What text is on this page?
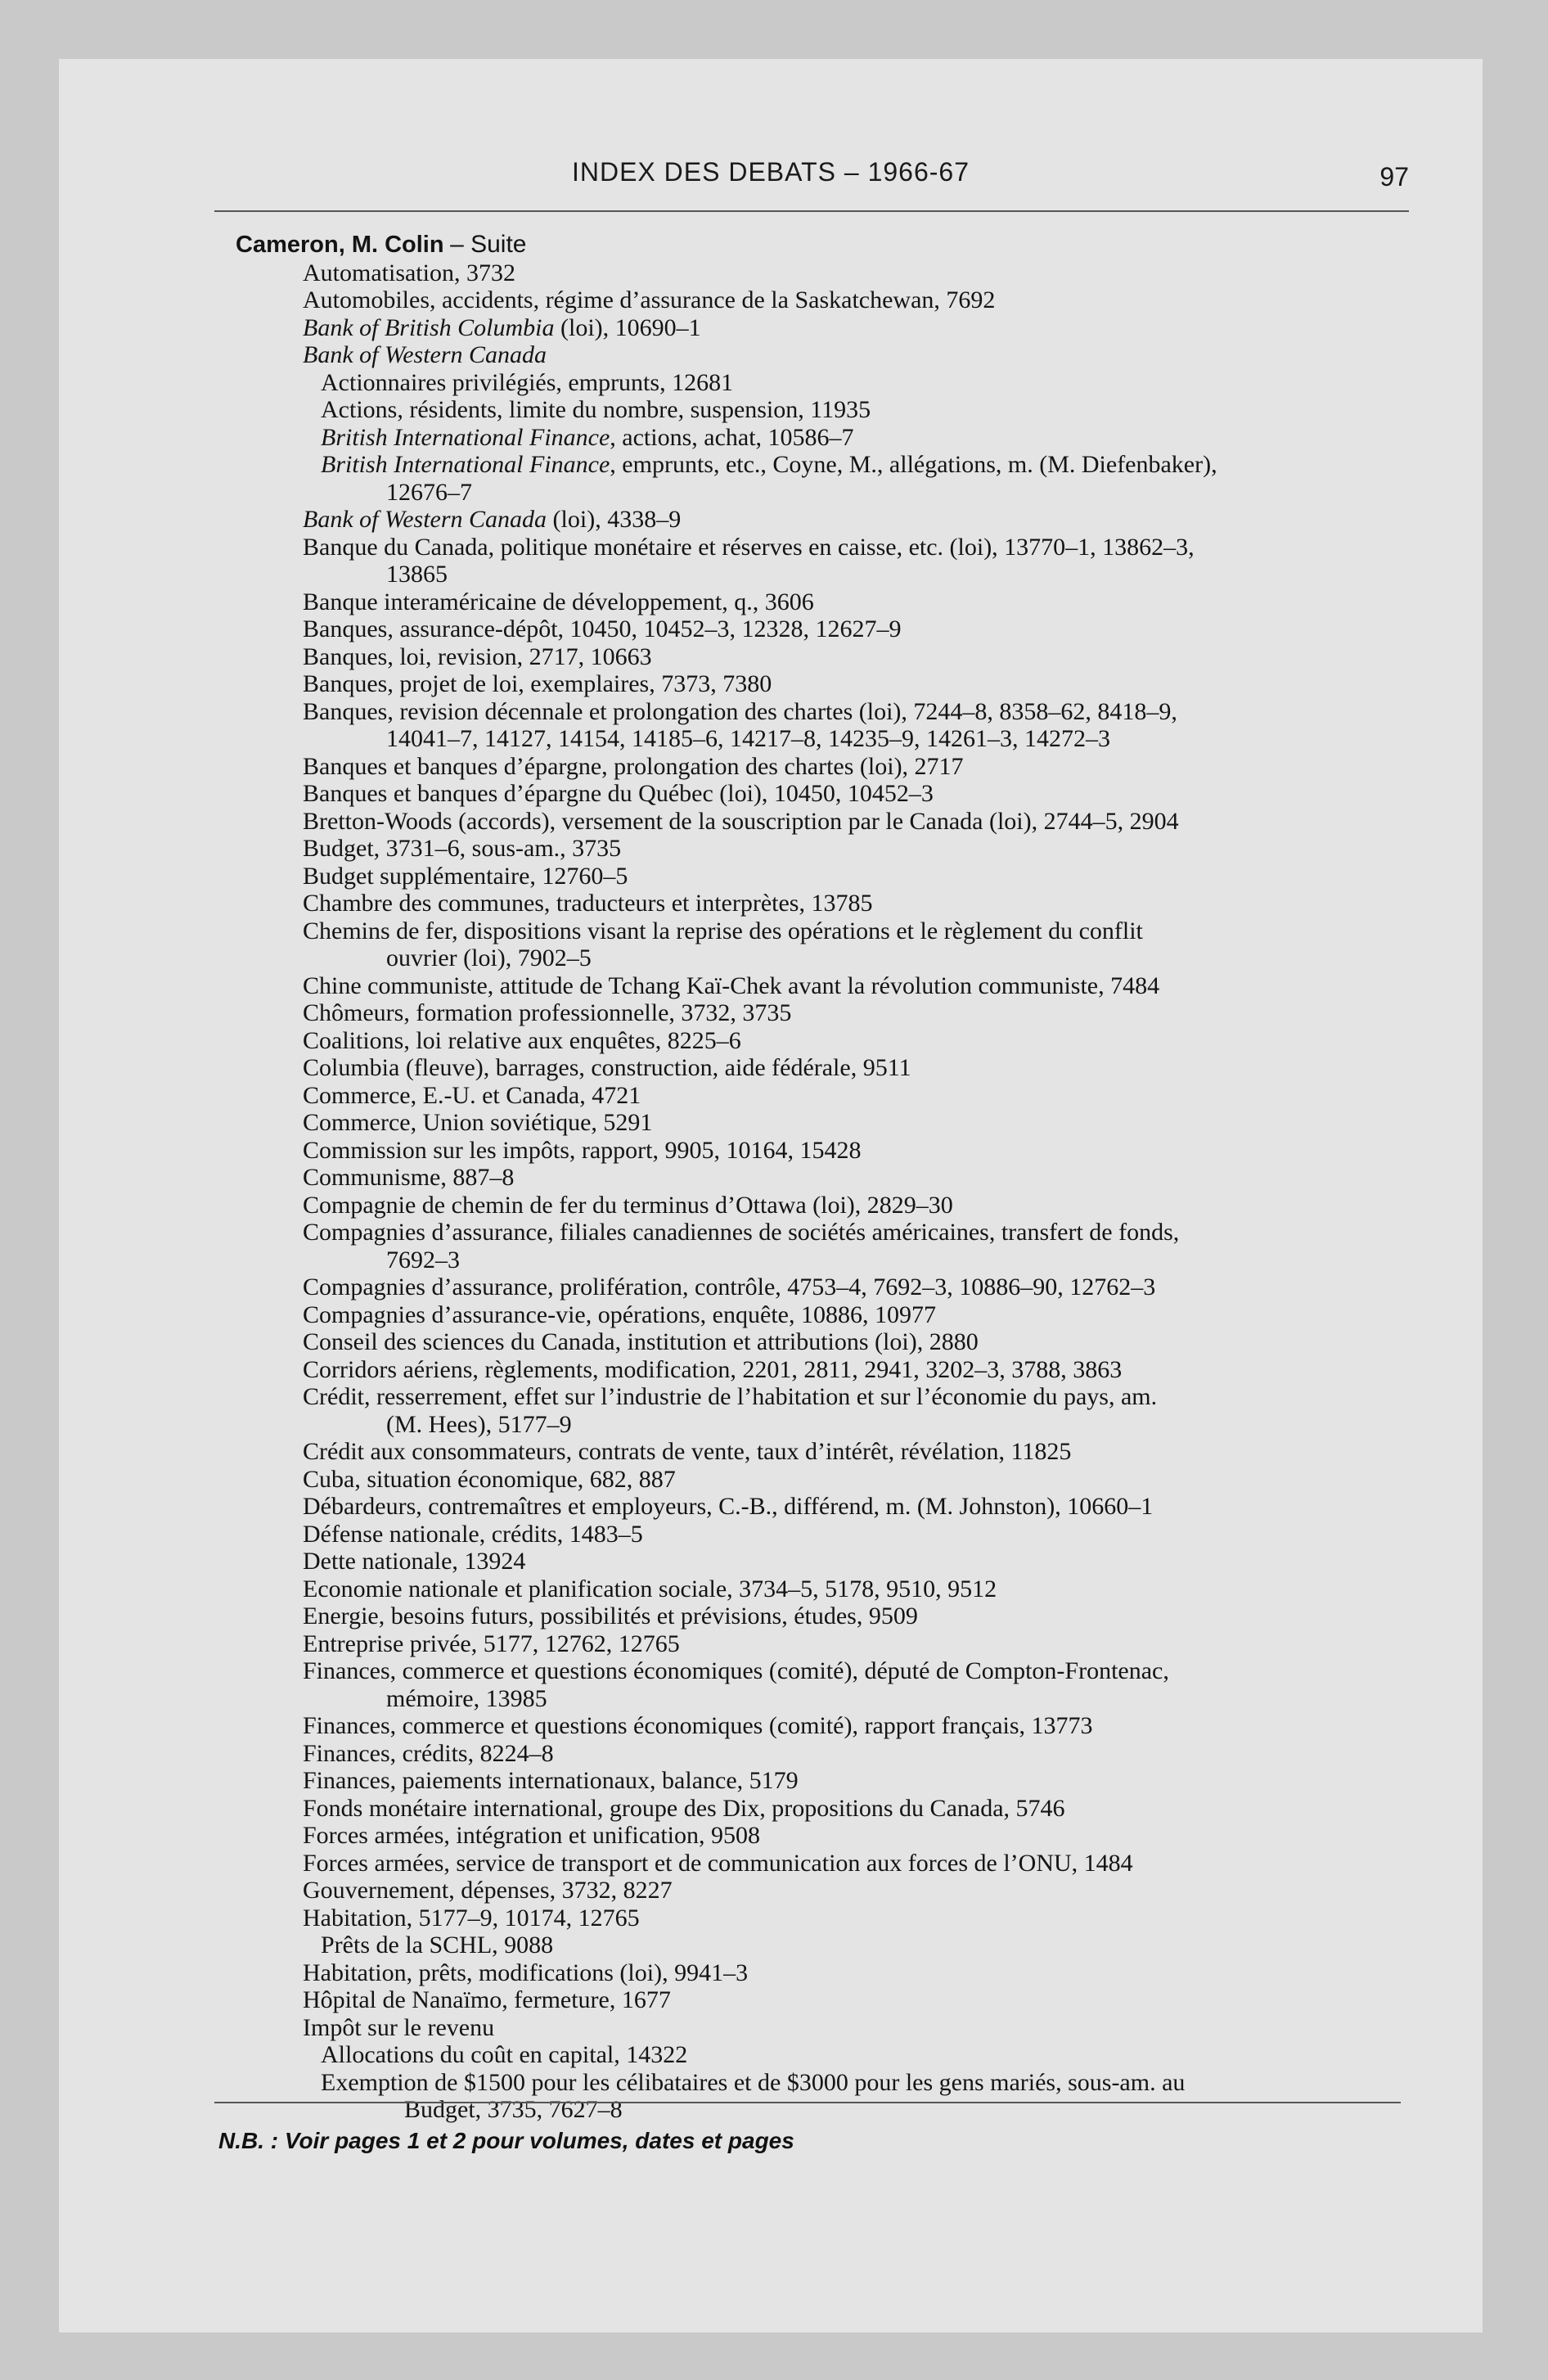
INDEX DES DEBATS – 1966-67	97
Cameron, M. Colin – Suite
Automatisation, 3732
Automobiles, accidents, régime d’assurance de la Saskatchewan, 7692
Bank of British Columbia (loi), 10690–1
Bank of Western Canada
Actionnaires privilégiés, emprunts, 12681
Actions, résidents, limite du nombre, suspension, 11935
British International Finance, actions, achat, 10586–7
British International Finance, emprunts, etc., Coyne, M., allégations, m. (M. Diefenbaker),
12676–7
Bank of Western Canada (loi), 4338–9
Banque du Canada, politique monétaire et réserves en caisse, etc. (loi), 13770–1, 13862–3,
13865
Banque interaméricaine de développement, q., 3606
Banques, assurance-dépôt, 10450, 10452–3, 12328, 12627–9
Banques, loi, revision, 2717, 10663
Banques, projet de loi, exemplaires, 7373, 7380
Banques, revision décennale et prolongation des chartes (loi), 7244–8, 8358–62, 8418–9,
14041–7, 14127, 14154, 14185–6, 14217–8, 14235–9, 14261–3, 14272–3
Banques et banques d’épargne, prolongation des chartes (loi), 2717
Banques et banques d’épargne du Québec (loi), 10450, 10452–3
Bretton-Woods (accords), versement de la souscription par le Canada (loi), 2744–5, 2904
Budget, 3731–6, sous-am., 3735
Budget supplémentaire, 12760–5
Chambre des communes, traducteurs et interprètes, 13785
Chemins de fer, dispositions visant la reprise des opérations et le règlement du conflit
ouvrier (loi), 7902–5
Chine communiste, attitude de Tchang Kaï-Chek avant la révolution communiste, 7484
Chômeurs, formation professionnelle, 3732, 3735
Coalitions, loi relative aux enquêtes, 8225–6
Columbia (fleuve), barrages, construction, aide fédérale, 9511
Commerce, E.-U. et Canada, 4721
Commerce, Union soviétique, 5291
Commission sur les impôts, rapport, 9905, 10164, 15428
Communisme, 887–8
Compagnie de chemin de fer du terminus d’Ottawa (loi), 2829–30
Compagnies d’assurance, filiales canadiennes de sociétés américaines, transfert de fonds,
7692–3
Compagnies d’assurance, prolifération, contrôle, 4753–4, 7692–3, 10886–90, 12762–3
Compagnies d’assurance-vie, opérations, enquête, 10886, 10977
Conseil des sciences du Canada, institution et attributions (loi), 2880
Corridors aériens, règlements, modification, 2201, 2811, 2941, 3202–3, 3788, 3863
Crédit, resserrement, effet sur l’industrie de l’habitation et sur l’économie du pays, am.
(M. Hees), 5177–9
Crédit aux consommateurs, contrats de vente, taux d’intérêt, révélation, 11825
Cuba, situation économique, 682, 887
Débardeurs, contremaîtres et employeurs, C.-B., différend, m. (M. Johnston), 10660–1
Défense nationale, crédits, 1483–5
Dette nationale, 13924
Economie nationale et planification sociale, 3734–5, 5178, 9510, 9512
Energie, besoins futurs, possibilités et prévisions, études, 9509
Entreprise privée, 5177, 12762, 12765
Finances, commerce et questions économiques (comité), député de Compton-Frontenac,
mémoire, 13985
Finances, commerce et questions économiques (comité), rapport français, 13773
Finances, crédits, 8224–8
Finances, paiements internationaux, balance, 5179
Fonds monétaire international, groupe des Dix, propositions du Canada, 5746
Forces armées, intégration et unification, 9508
Forces armées, service de transport et de communication aux forces de l’ONU, 1484
Gouvernement, dépenses, 3732, 8227
Habitation, 5177–9, 10174, 12765
Prêts de la SCHL, 9088
Habitation, prêts, modifications (loi), 9941–3
Hôpital de Nanaïmo, fermeture, 1677
Impôt sur le revenu
Allocations du coût en capital, 14322
Exemption de $1500 pour les célibataires et de $3000 pour les gens mariés, sous-am. au
Budget, 3735, 7627–8
N.B. : Voir pages 1 et 2 pour volumes, dates et pages
